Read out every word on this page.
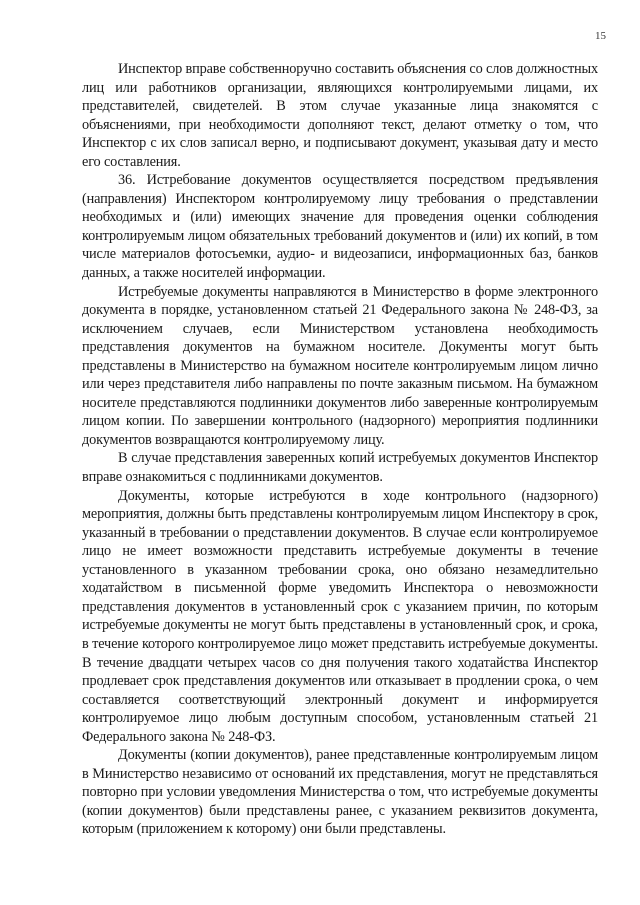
15

Инспектор вправе собственноручно составить объяснения со слов должностных лиц или работников организации, являющихся контролируемыми лицами, их представителей, свидетелей. В этом случае указанные лица знакомятся с объяснениями, при необходимости дополняют текст, делают отметку о том, что Инспектор с их слов записал верно, и подписывают документ, указывая дату и место его составления.

36. Истребование документов осуществляется посредством предъявления (направления) Инспектором контролируемому лицу требования о представлении необходимых и (или) имеющих значение для проведения оценки соблюдения контролируемым лицом обязательных требований документов и (или) их копий, в том числе материалов фотосъемки, аудио- и видеозаписи, информационных баз, банков данных, а также носителей информации.

Истребуемые документы направляются в Министерство в форме электронного документа в порядке, установленном статьей 21 Федерального закона № 248-ФЗ, за исключением случаев, если Министерством установлена необходимость представления документов на бумажном носителе. Документы могут быть представлены в Министерство на бумажном носителе контролируемым лицом лично или через представителя либо направлены по почте заказным письмом. На бумажном носителе представляются подлинники документов либо заверенные контролируемым лицом копии. По завершении контрольного (надзорного) мероприятия подлинники документов возвращаются контролируемому лицу.

В случае представления заверенных копий истребуемых документов Инспектор вправе ознакомиться с подлинниками документов.

Документы, которые истребуются в ходе контрольного (надзорного) мероприятия, должны быть представлены контролируемым лицом Инспектору в срок, указанный в требовании о представлении документов. В случае если контролируемое лицо не имеет возможности представить истребуемые документы в течение установленного в указанном требовании срока, оно обязано незамедлительно ходатайством в письменной форме уведомить Инспектора о невозможности представления документов в установленный срок с указанием причин, по которым истребуемые документы не могут быть представлены в установленный срок, и срока, в течение которого контролируемое лицо может представить истребуемые документы. В течение двадцати четырех часов со дня получения такого ходатайства Инспектор продлевает срок представления документов или отказывает в продлении срока, о чем составляется соответствующий электронный документ и информируется контролируемое лицо любым доступным способом, установленным статьей 21 Федерального закона № 248-ФЗ.

Документы (копии документов), ранее представленные контролируемым лицом в Министерство независимо от оснований их представления, могут не представляться повторно при условии уведомления Министерства о том, что истребуемые документы (копии документов) были представлены ранее, с указанием реквизитов документа, которым (приложением к которому) они были представлены.
